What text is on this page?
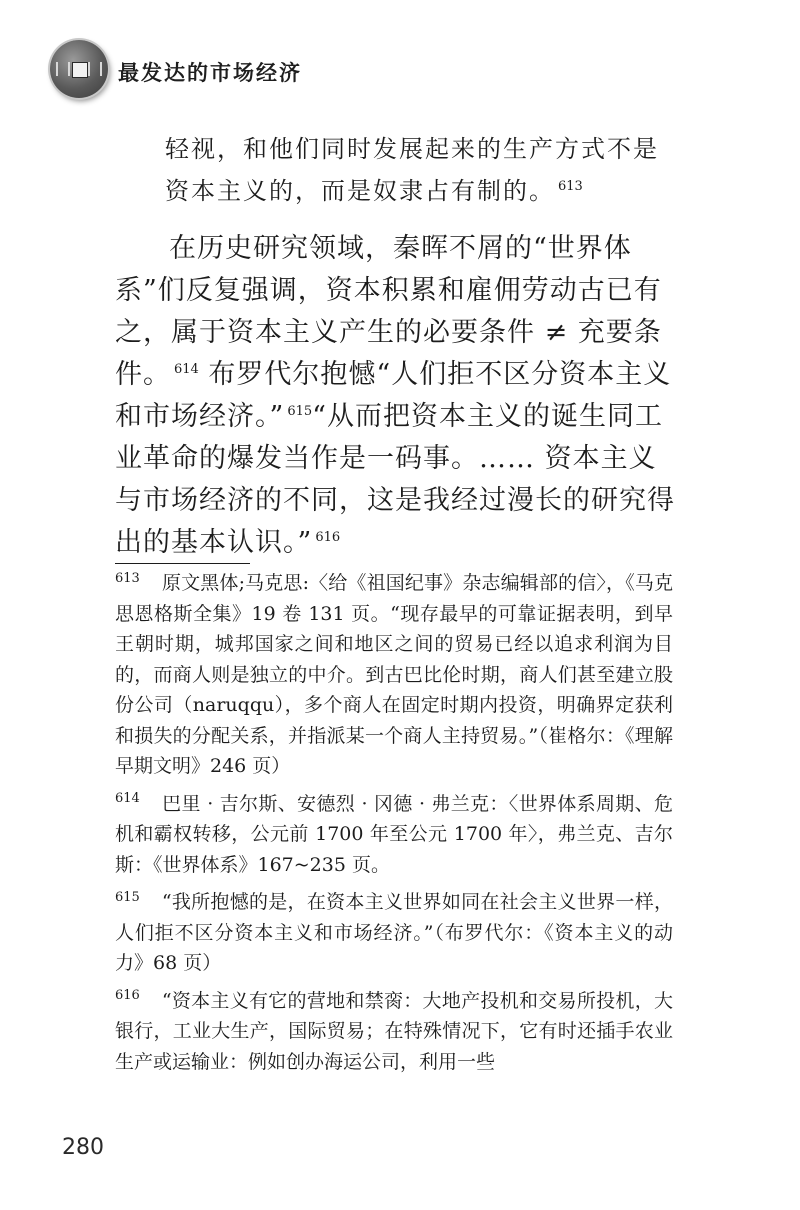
最发达的市场经济

轻视，和他们同时发展起来的生产方式不是资本主义的，而是奴隶占有制的。 $^{613}$

在历史研究领域，秦晖不屑的“世界体系”们反复强调，资本积累和雇佣劳动古已有之，属于资本主义产生的必要条件 ≠ 充要条件。 $^{614}$ 布罗代尔抱憾“人们拒不区分资本主义和市场经济。” $^{615}$“从而把资本主义的诞生同工业革命的爆发当作是一码事。…… 资本主义与市场经济的不同，这是我经过漫长的研究得出的基本认识。” $^{616}$

$^{613}$ 原文黑体;马克思:〈给《祖国纪事》杂志编辑部的信〉，《马克思恩格斯全集》19 卷 131 页。“现存最早的可靠证据表明，到早王朝时期，城邦国家之间和地区之间的贸易已经以追求利润为目的，而商人则是独立的中介。到古巴比伦时期，商人们甚至建立股份公司（naruqqu），多个商人在固定时期内投资，明确界定获利和损失的分配关系，并指派某一个商人主持贸易。”（崔格尔：《理解早期文明》246 页）

$^{614}$ 巴里 · 吉尔斯、安德烈 · 冈德 · 弗兰克：〈世界体系周期、危机和霸权转移，公元前 1700 年至公元 1700 年〉，弗兰克、吉尔斯：《世界体系》167~235 页。

$^{615}$ “我所抱憾的是，在资本主义世界如同在社会主义世界一样，人们拒不区分资本主义和市场经济。”（布罗代尔：《资本主义的动力》68 页）

$^{616}$ “资本主义有它的营地和禁脔：大地产投机和交易所投机，大银行，工业大生产，国际贸易；在特殊情况下，它有时还插手农业生产或运输业：例如创办海运公司，利用一些

280
